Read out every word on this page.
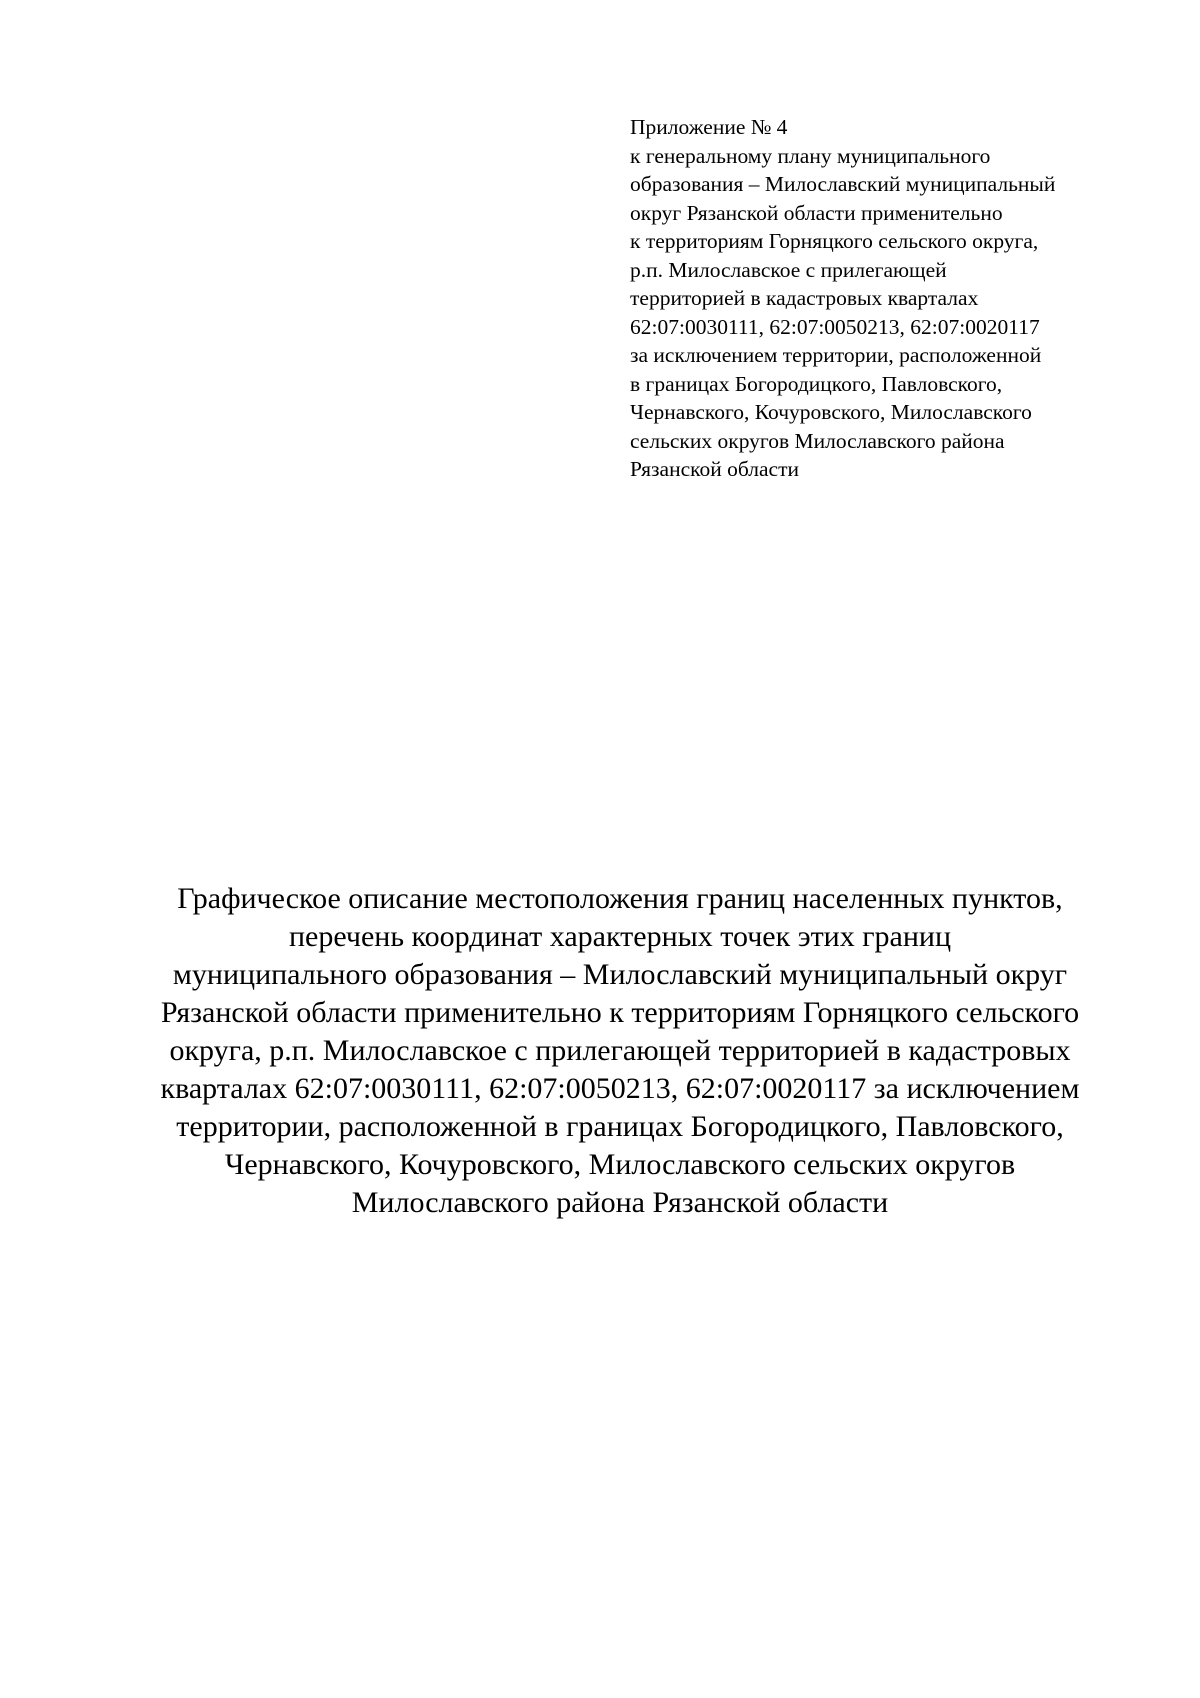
Приложение № 4
к генеральному плану муниципального
образования – Милославский муниципальный
округ Рязанской области применительно
к территориям Горняцкого сельского округа,
р.п. Милославское с прилегающей
территорией в кадастровых кварталах
62:07:0030111, 62:07:0050213, 62:07:0020117
за исключением территории, расположенной
в границах Богородицкого, Павловского,
Чернавского, Кочуровского, Милославского
сельских округов Милославского района
Рязанской области
Графическое описание местоположения границ населенных пунктов,
перечень координат характерных точек этих границ
муниципального образования – Милославский муниципальный округ
Рязанской области применительно к территориям Горняцкого сельского
округа, р.п. Милославское с прилегающей территорией в кадастровых
кварталах 62:07:0030111, 62:07:0050213, 62:07:0020117 за исключением
территории, расположенной в границах Богородицкого, Павловского,
Чернавского, Кочуровского, Милославского сельских округов
Милославского района Рязанской области
